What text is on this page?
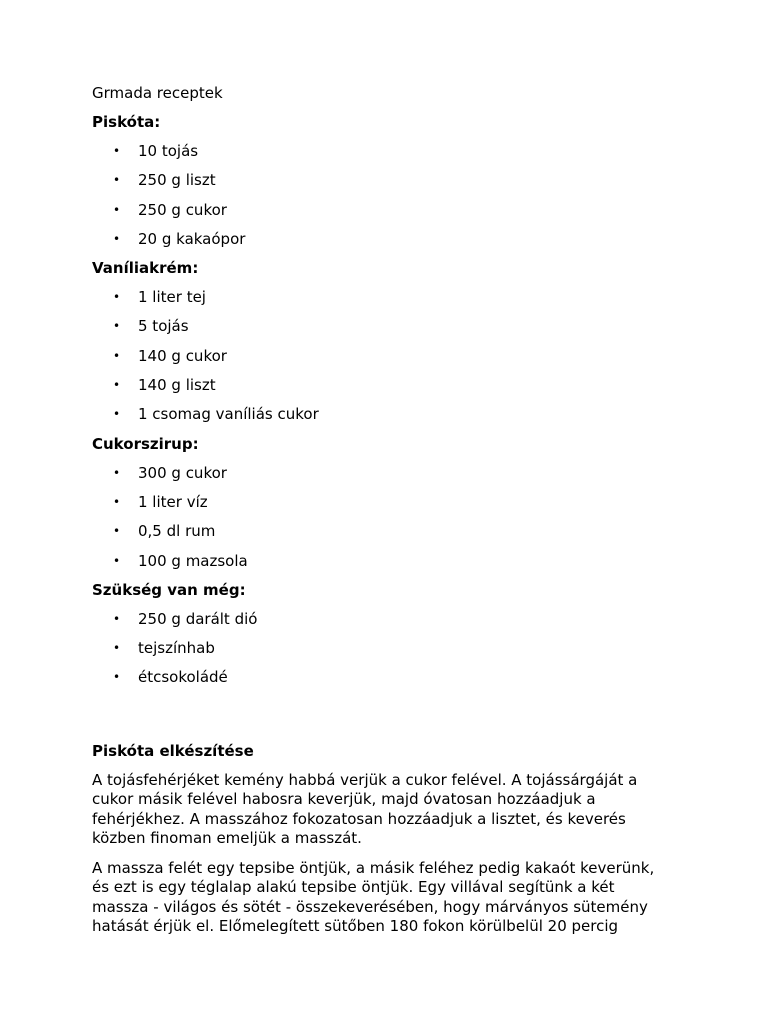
Grmada receptek

Piskóta:

• 10 tojás
• 250 g liszt
• 250 g cukor
• 20 g kakaópor

Vaníliakrém:

• 1 liter tej
• 5 tojás
• 140 g cukor
• 140 g liszt
• 1 csomag vaníliás cukor

Cukorszirup:

• 300 g cukor
• 1 liter víz
• 0,5 dl rum
• 100 g mazsola

Szükség van még:

• 250 g darált dió
• tejszínhab
• étcsokoládé

Piskóta elkészítése

A tojásfehérjéket kemény habbá verjük a cukor felével. A tojássárgáját a
cukor másik felével habosra keverjük, majd óvatosan hozzáadjuk a
fehérjékhez. A masszához fokozatosan hozzáadjuk a lisztet, és keverés
közben finoman emeljük a masszát.

A massza felét egy tepsibe öntjük, a másik feléhez pedig kakaót keverünk,
és ezt is egy téglalap alakú tepsibe öntjük. Egy villával segítünk a két
massza - világos és sötét - összekeverésében, hogy márványos sütemény
hatását érjük el. Előmelegített sütőben 180 fokon körülbelül 20 percig
